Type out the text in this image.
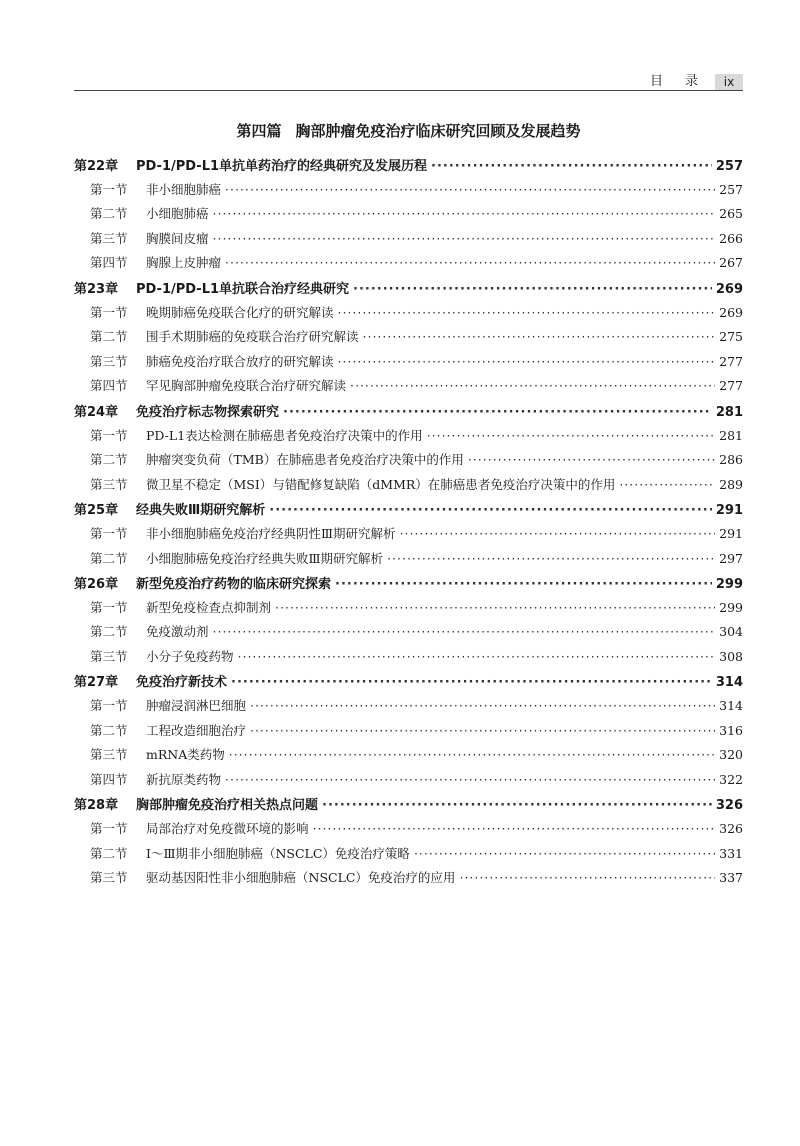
目 录	ix
第四篇 胸部肿瘤免疫治疗临床研究回顾及发展趋势
第22章	PD-1/PD-L1单抗单药治疗的经典研究及发展历程 ·····	257
第一节	非小细胞肺癌 ·····	257
第二节	小细胞肺癌 ·····	265
第三节	胸膜间皮瘤 ·····	266
第四节	胸腺上皮肿瘤 ·····	267
第23章	PD-1/PD-L1单抗联合治疗经典研究 ·····	269
第一节	晚期肺癌免疫联合化疗的研究解读 ·····	269
第二节	围手术期肺癌的免疫联合治疗研究解读 ·····	275
第三节	肺癌免疫治疗联合放疗的研究解读 ·····	277
第四节	罕见胸部肿瘤免疫联合治疗研究解读 ·····	277
第24章	免疫治疗标志物探索研究 ·····	281
第一节	PD-L1表达检测在肺癌患者免疫治疗决策中的作用 ·····	281
第二节	肿瘤突变负荷（TMB）在肺癌患者免疫治疗决策中的作用 ·····	286
第三节	微卫星不稳定（MSI）与错配修复缺陷（dMMR）在肺癌患者免疫治疗决策中的作用 ·····	289
第25章	经典失败Ⅲ期研究解析 ·····	291
第一节	非小细胞肺癌免疫治疗经典阴性Ⅲ期研究解析 ·····	291
第二节	小细胞肺癌免疫治疗经典失败Ⅲ期研究解析 ·····	297
第26章	新型免疫治疗药物的临床研究探索 ·····	299
第一节	新型免疫检查点抑制剂 ·····	299
第二节	免疫激动剂 ·····	304
第三节	小分子免疫药物 ·····	308
第27章	免疫治疗新技术 ·····	314
第一节	肿瘤浸润淋巴细胞 ·····	314
第二节	工程改造细胞治疗 ·····	316
第三节	mRNA类药物 ·····	320
第四节	新抗原类药物 ·····	322
第28章	胸部肿瘤免疫治疗相关热点问题 ·····	326
第一节	局部治疗对免疫微环境的影响 ·····	326
第二节	Ⅰ～Ⅲ期非小细胞肺癌（NSCLC）免疫治疗策略 ·····	331
第三节	驱动基因阳性非小细胞肺癌（NSCLC）免疫治疗的应用 ·····	337
